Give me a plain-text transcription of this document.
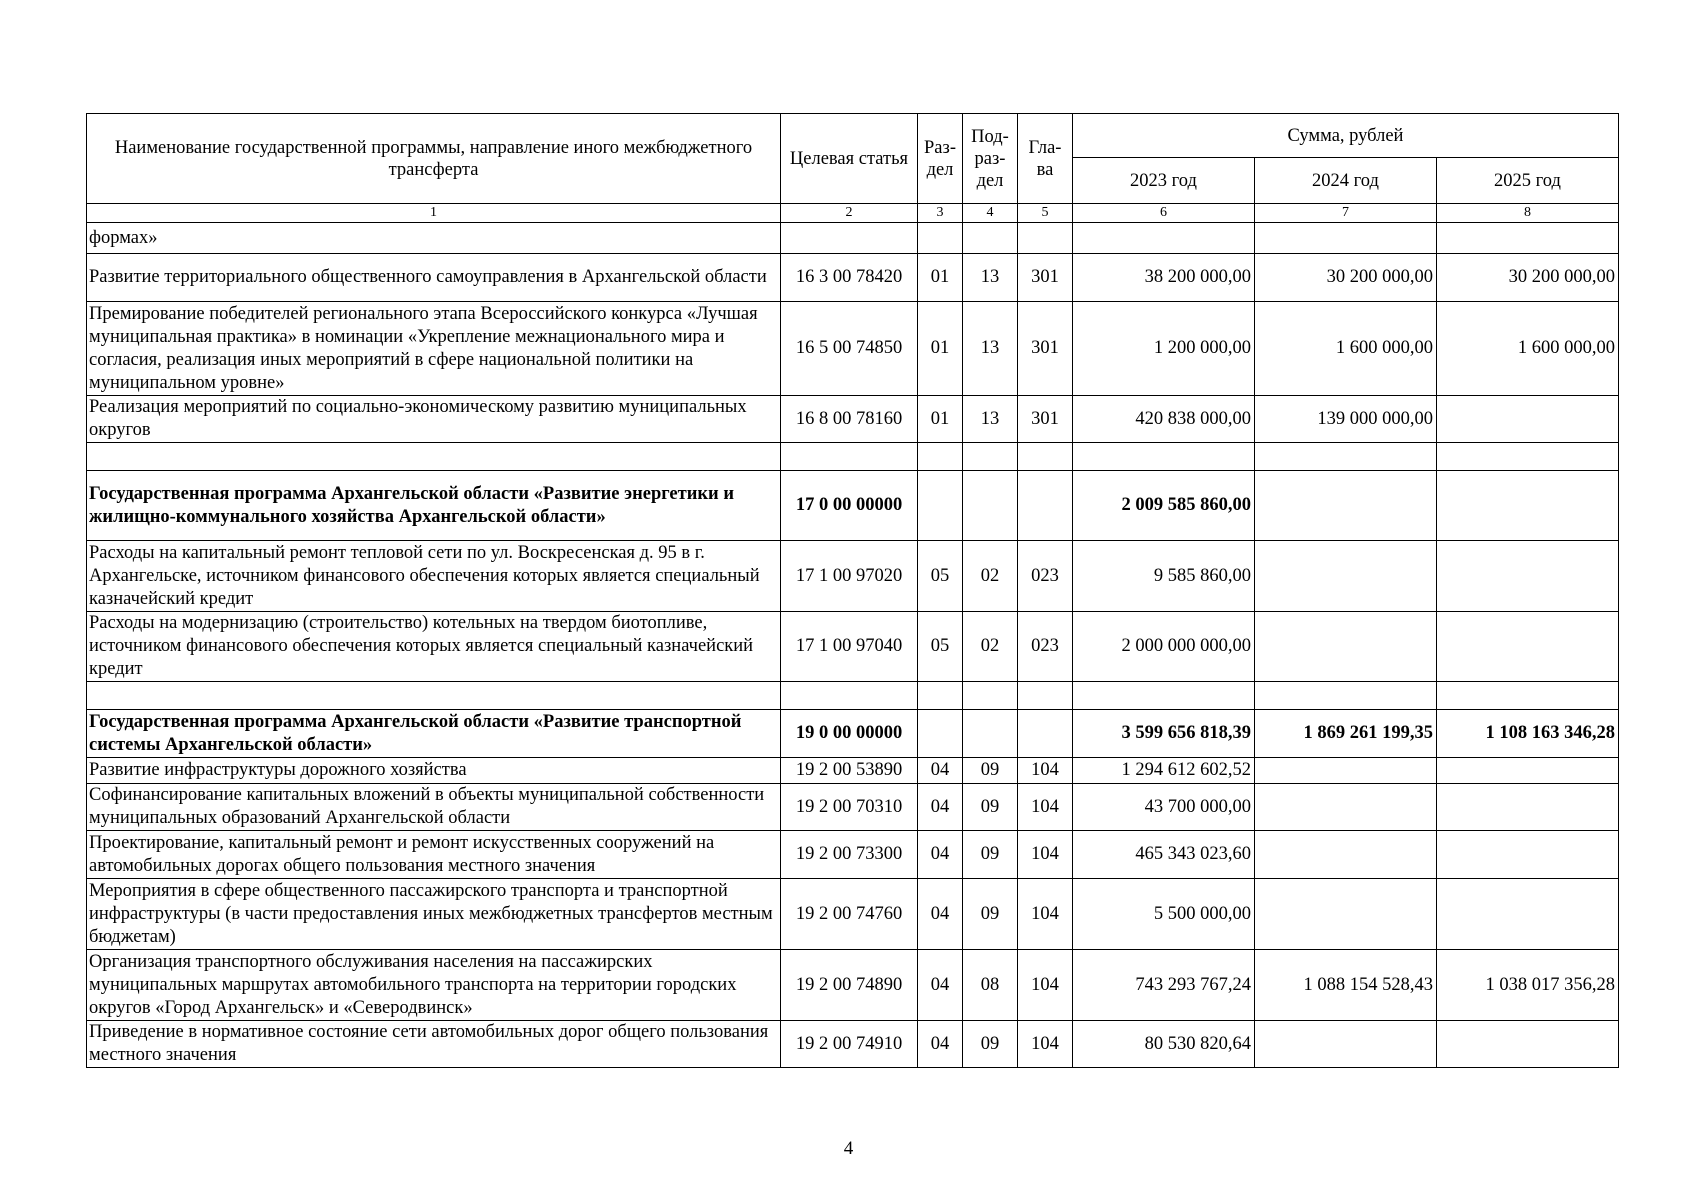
Наименование государственной программы, направление иного межбюджетного трансферта	Целевая статья	Раз-дел	Под-раз-дел	Гла-ва	Сумма, рублей		
					2023 год	2024 год	2025 год
1	2	3	4	5	6	7	8
формах»							
Развитие территориального общественного самоуправления в Архангельской области	16 3 00 78420	01	13	301	38 200 000,00	30 200 000,00	30 200 000,00
Премирование победителей регионального этапа Всероссийского конкурса «Лучшая муниципальная практика» в номинации «Укрепление межнационального мира и согласия, реализация иных мероприятий в сфере национальной политики на муниципальном уровне»	16 5 00 74850	01	13	301	1 200 000,00	1 600 000,00	1 600 000,00
Реализация мероприятий по социально-экономическому развитию муниципальных округов	16 8 00 78160	01	13	301	420 838 000,00	139 000 000,00	

Государственная программа Архангельской области «Развитие энергетики и жилищно-коммунального хозяйства Архангельской области»	17 0 00 00000				2 009 585 860,00		
Расходы на капитальный ремонт тепловой сети по ул. Воскресенская д. 95 в г. Архангельске, источником финансового обеспечения которых является специальный казначейский кредит	17 1 00 97020	05	02	023	9 585 860,00		
Расходы на модернизацию (строительство) котельных на твердом биотопливе, источником финансового обеспечения которых является специальный казначейский кредит	17 1 00 97040	05	02	023	2 000 000 000,00		

Государственная программа Архангельской области «Развитие транспортной системы Архангельской области»	19 0 00 00000				3 599 656 818,39	1 869 261 199,35	1 108 163 346,28
Развитие инфраструктуры дорожного хозяйства	19 2 00 53890	04	09	104	1 294 612 602,52		
Софинансирование капитальных вложений в объекты муниципальной собственности муниципальных образований Архангельской области	19 2 00 70310	04	09	104	43 700 000,00		
Проектирование, капитальный ремонт и ремонт искусственных сооружений на автомобильных дорогах общего пользования местного значения	19 2 00 73300	04	09	104	465 343 023,60		
Мероприятия в сфере общественного пассажирского транспорта и транспортной инфраструктуры (в части предоставления иных межбюджетных трансфертов местным бюджетам)	19 2 00 74760	04	09	104	5 500 000,00		
Организация транспортного обслуживания населения на пассажирских муниципальных маршрутах автомобильного транспорта на территории городских округов «Город Архангельск» и «Северодвинск»	19 2 00 74890	04	08	104	743 293 767,24	1 088 154 528,43	1 038 017 356,28
Приведение в нормативное состояние сети автомобильных дорог общего пользования местного значения	19 2 00 74910	04	09	104	80 530 820,64		
4
